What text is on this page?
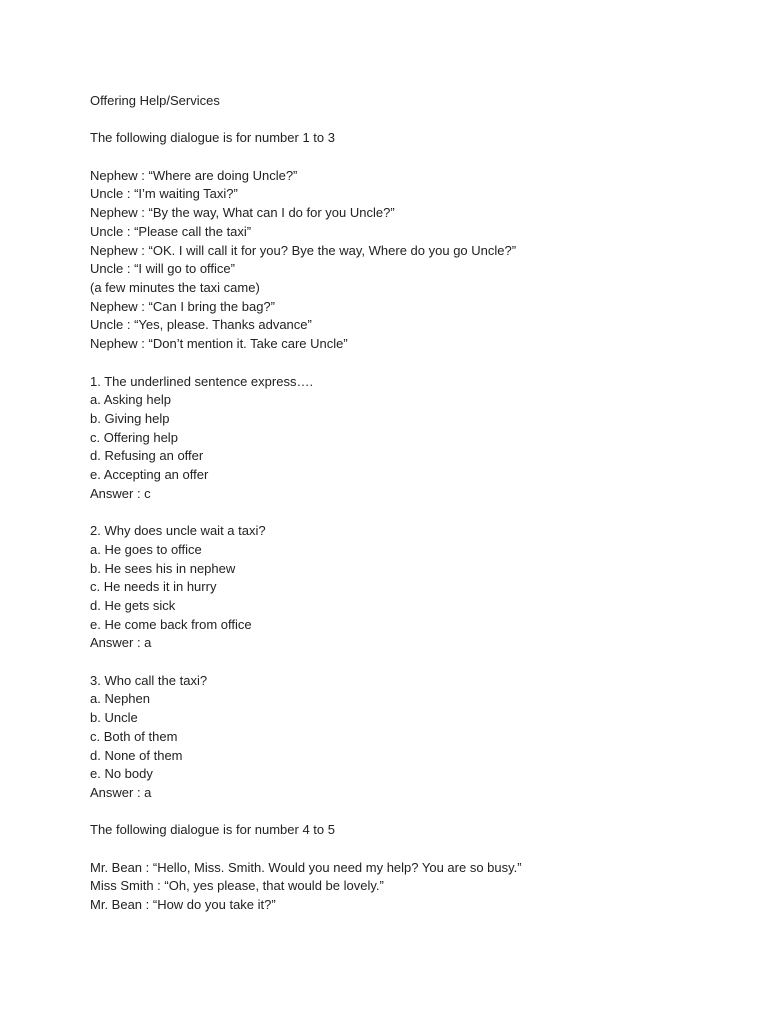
Offering Help/Services
The following dialogue is for number 1 to 3
Nephew : “Where are doing Uncle?”
Uncle : “I’m waiting Taxi?”
Nephew : “By the way, What can I do for you Uncle?”
Uncle : “Please call the taxi”
Nephew : “OK. I will call it for you? Bye the way, Where do you go Uncle?”
Uncle : “I will go to office”
(a few minutes the taxi came)
Nephew : “Can I bring the bag?”
Uncle : “Yes, please. Thanks advance”
Nephew : “Don’t mention it. Take care Uncle”
1. The underlined sentence express….
a. Asking help
b. Giving help
c. Offering help
d. Refusing an offer
e. Accepting an offer
Answer : c
2. Why does uncle wait a taxi?
a. He goes to office
b. He sees his in nephew
c. He needs it in hurry
d. He gets sick
e. He come back from office
Answer : a
3. Who call the taxi?
a. Nephen
b. Uncle
c. Both of them
d. None of them
e. No body
Answer : a
The following dialogue is for number 4 to 5
Mr. Bean : “Hello, Miss. Smith. Would you need my help? You are so busy.”
Miss Smith : “Oh, yes please, that would be lovely.”
Mr. Bean : “How do you take it?”
